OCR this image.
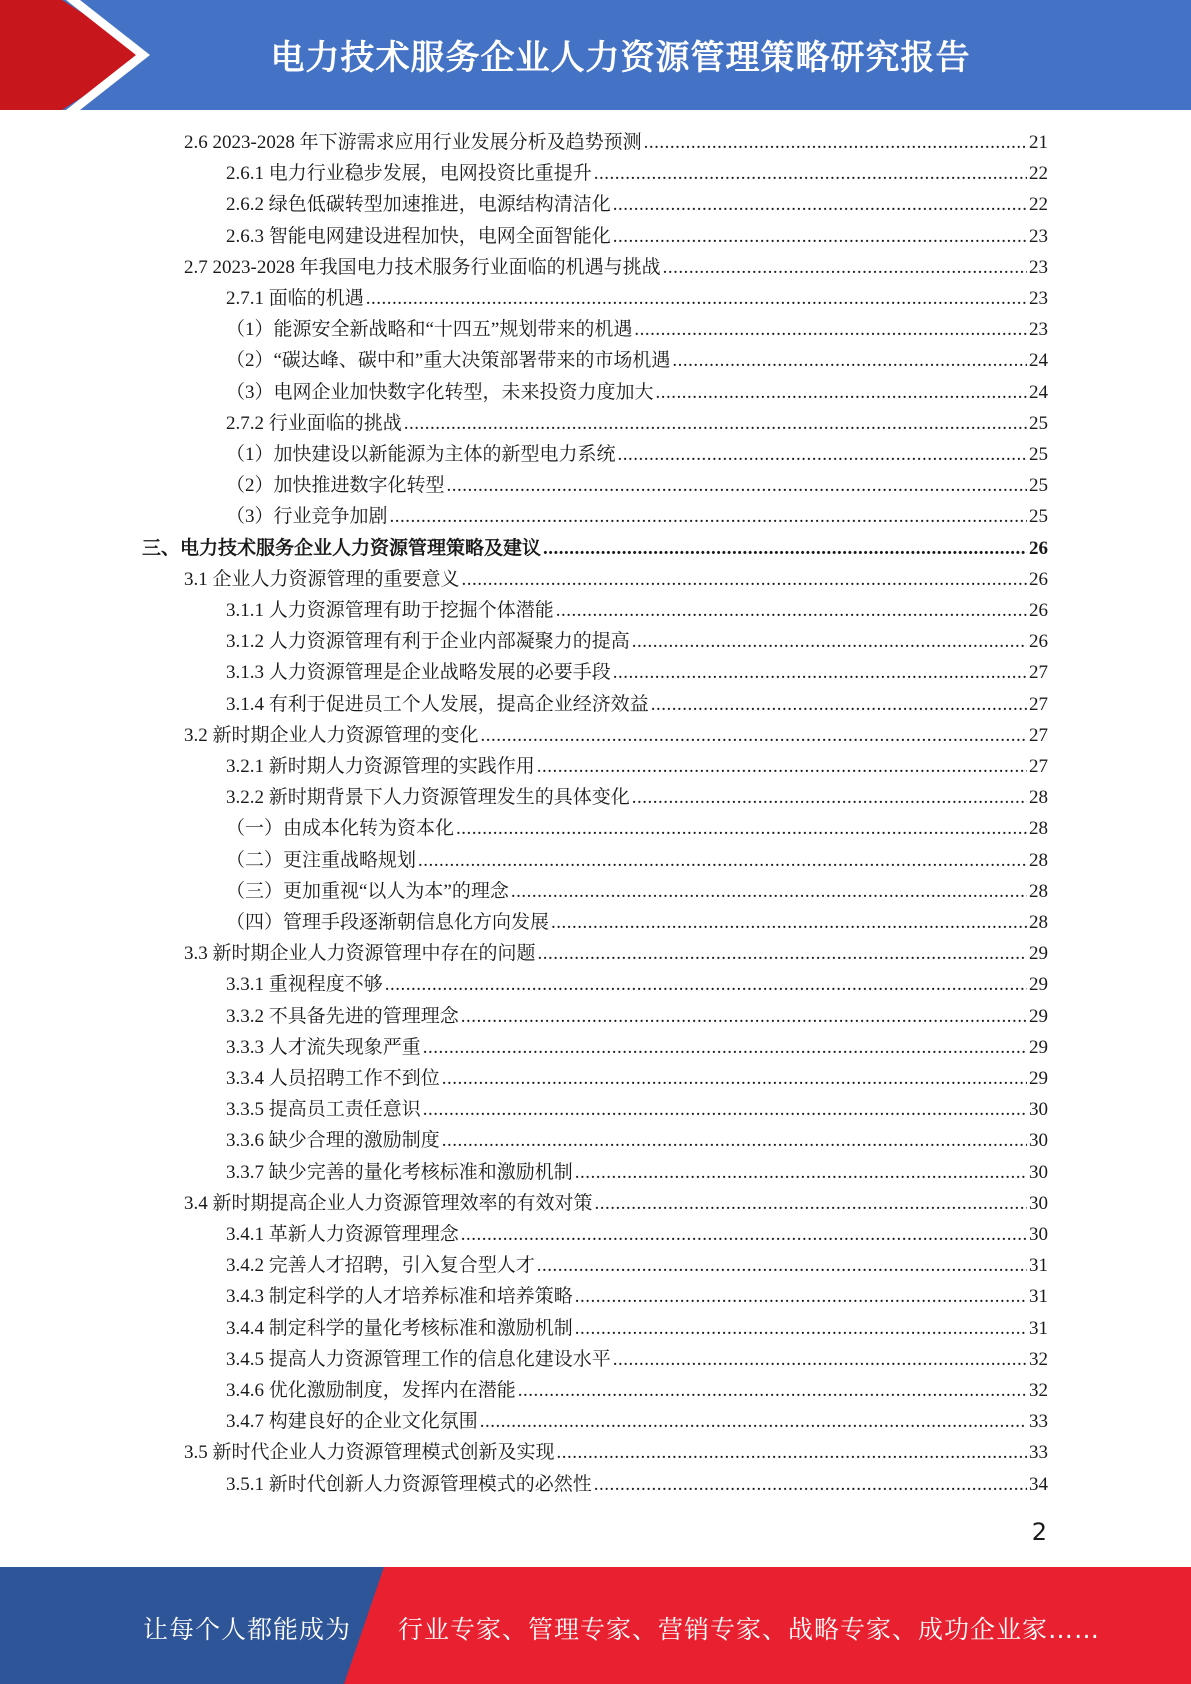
电力技术服务企业人力资源管理策略研究报告
2.6 2023-2028 年下游需求应用行业发展分析及趋势预测 .....	21
2.6.1 电力行业稳步发展，电网投资比重提升 .....	22
2.6.2 绿色低碳转型加速推进，电源结构清洁化 .....	22
2.6.3 智能电网建设进程加快，电网全面智能化 .....	23
2.7 2023-2028 年我国电力技术服务行业面临的机遇与挑战 .....	23
2.7.1 面临的机遇 .....	23
（1）能源安全新战略和“十四五”规划带来的机遇 .....	23
（2）“碳达峰、碳中和”重大决策部署带来的市场机遇 .....	24
（3）电网企业加快数字化转型，未来投资力度加大 .....	24
2.7.2 行业面临的挑战 .....	25
（1）加快建设以新能源为主体的新型电力系统 .....	25
（2）加快推进数字化转型 .....	25
（3）行业竞争加剧 .....	25
三、电力技术服务企业人力资源管理策略及建议 .....	26
3.1 企业人力资源管理的重要意义 .....	26
3.1.1 人力资源管理有助于挖掘个体潜能 .....	26
3.1.2 人力资源管理有利于企业内部凝聚力的提高 .....	26
3.1.3 人力资源管理是企业战略发展的必要手段 .....	27
3.1.4 有利于促进员工个人发展，提高企业经济效益 .....	27
3.2 新时期企业人力资源管理的变化 .....	27
3.2.1 新时期人力资源管理的实践作用 .....	27
3.2.2 新时期背景下人力资源管理发生的具体变化 .....	28
（一）由成本化转为资本化 .....	28
（二）更注重战略规划 .....	28
（三）更加重视“以人为本”的理念 .....	28
（四）管理手段逐渐朝信息化方向发展 .....	28
3.3 新时期企业人力资源管理中存在的问题 .....	29
3.3.1 重视程度不够 .....	29
3.3.2 不具备先进的管理理念 .....	29
3.3.3 人才流失现象严重 .....	29
3.3.4 人员招聘工作不到位 .....	29
3.3.5 提高员工责任意识 .....	30
3.3.6 缺少合理的激励制度 .....	30
3.3.7 缺少完善的量化考核标准和激励机制 .....	30
3.4 新时期提高企业人力资源管理效率的有效对策 .....	30
3.4.1 革新人力资源管理理念 .....	30
3.4.2 完善人才招聘，引入复合型人才 .....	31
3.4.3 制定科学的人才培养标准和培养策略 .....	31
3.4.4 制定科学的量化考核标准和激励机制 .....	31
3.4.5 提高人力资源管理工作的信息化建设水平 .....	32
3.4.6 优化激励制度，发挥内在潜能 .....	32
3.4.7 构建良好的企业文化氛围 .....	33
3.5 新时代企业人力资源管理模式创新及实现 .....	33
3.5.1 新时代创新人力资源管理模式的必然性 .....	34
2
让每个人都能成为 行业专家、管理专家、营销专家、战略专家、成功企业家……
